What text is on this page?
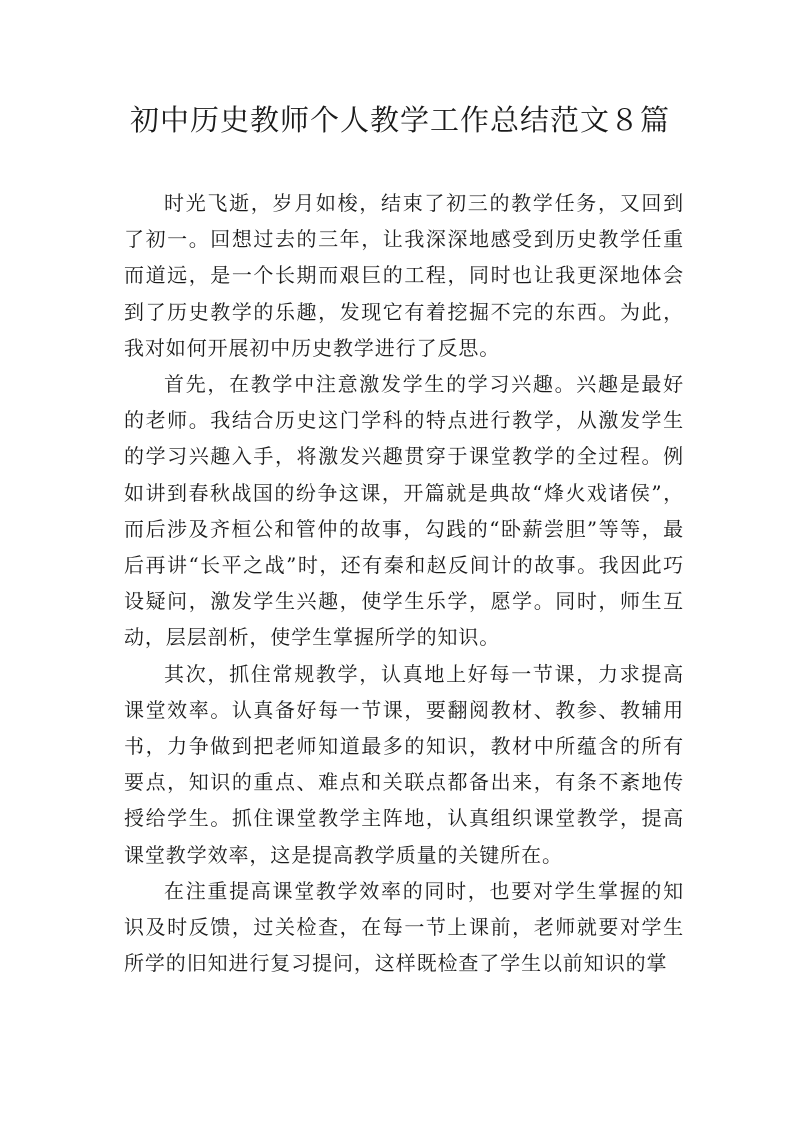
初中历史教师个人教学工作总结范文８篇

时光飞逝，岁月如梭，结束了初三的教学任务，又回到了初一。回想过去的三年，让我深深地感受到历史教学任重而道远，是一个长期而艰巨的工程，同时也让我更深地体会到了历史教学的乐趣，发现它有着挖掘不完的东西。为此，我对如何开展初中历史教学进行了反思。

首先，在教学中注意激发学生的学习兴趣。兴趣是最好的老师。我结合历史这门学科的特点进行教学，从激发学生的学习兴趣入手，将激发兴趣贯穿于课堂教学的全过程。例如讲到春秋战国的纷争这课，开篇就是典故“烽火戏诸侯”，而后涉及齐桓公和管仲的故事，勾践的“卧薪尝胆”等等，最后再讲“长平之战”时，还有秦和赵反间计的故事。我因此巧设疑问，激发学生兴趣，使学生乐学，愿学。同时，师生互动，层层剖析，使学生掌握所学的知识。

其次，抓住常规教学，认真地上好每一节课，力求提高课堂效率。认真备好每一节课，要翻阅教材、教参、教辅用书，力争做到把老师知道最多的知识，教材中所蕴含的所有要点，知识的重点、难点和关联点都备出来，有条不紊地传授给学生。抓住课堂教学主阵地，认真组织课堂教学，提高课堂教学效率，这是提高教学质量的关键所在。

在注重提高课堂教学效率的同时，也要对学生掌握的知识及时反馈，过关检查，在每一节上课前，老师就要对学生所学的旧知进行复习提问，这样既检查了学生以前知识的掌
